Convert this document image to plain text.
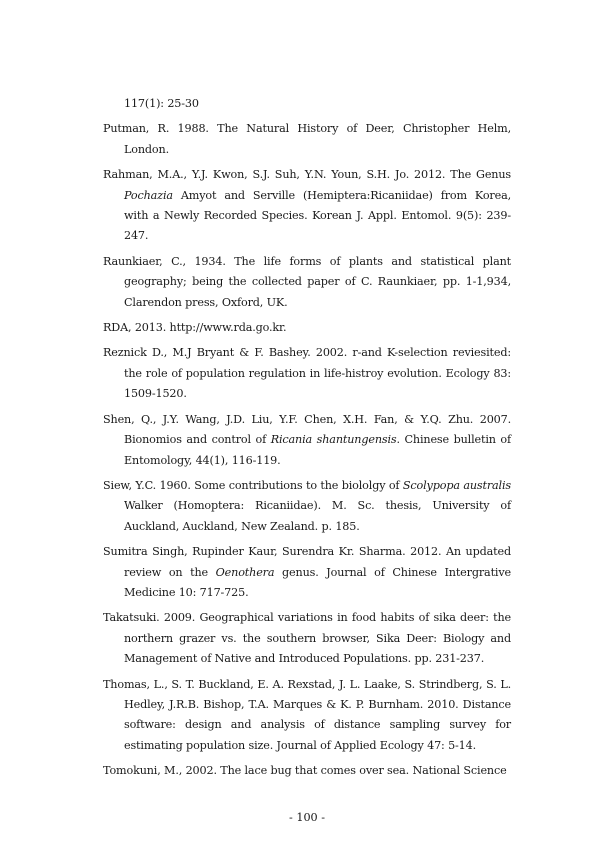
117(1): 25-30

Putman, R. 1988. The Natural History of Deer, Christopher Helm, London.

Rahman, M.A., Y.J. Kwon, S.J. Suh, Y.N. Youn, S.H. Jo. 2012. The Genus Pochazia Amyot and Serville (Hemiptera:Ricaniidae) from Korea, with a Newly Recorded Species. Korean J. Appl. Entomol. 9(5): 239-247.

Raunkiaer, C., 1934. The life forms of plants and statistical plant geography; being the collected paper of C. Raunkiaer, pp. 1-1,934, Clarendon press, Oxford, UK.

RDA, 2013. http://www.rda.go.kr.

Reznick D., M.J Bryant & F. Bashey. 2002. r-and K-selection reviesited: the role of population regulation in life-histroy evolution. Ecology 83: 1509-1520.

Shen, Q., J.Y. Wang, J.D. Liu, Y.F. Chen, X.H. Fan, & Y.Q. Zhu. 2007. Bionomios and control of Ricania shantungensis. Chinese bulletin of Entomology, 44(1), 116-119.

Siew, Y.C. 1960. Some contributions to the biololgy of Scolypopa australis Walker (Homoptera: Ricaniidae). M. Sc. thesis, University of Auckland, Auckland, New Zealand. p. 185.

Sumitra Singh, Rupinder Kaur, Surendra Kr. Sharma. 2012. An updated review on the Oenothera genus. Journal of Chinese Intergrative Medicine 10: 717-725.

Takatsuki. 2009. Geographical variations in food habits of sika deer: the northern grazer vs. the southern browser, Sika Deer: Biology and Management of Native and Introduced Populations. pp. 231-237.

Thomas, L., S. T. Buckland, E. A. Rexstad, J. L. Laake, S. Strindberg, S. L. Hedley, J.R.B. Bishop, T.A. Marques & K. P. Burnham. 2010. Distance software: design and analysis of distance sampling survey for estimating population size. Journal of Applied Ecology 47: 5-14.

Tomokuni, M., 2002. The lace bug that comes over sea. National Science

- 100 -
